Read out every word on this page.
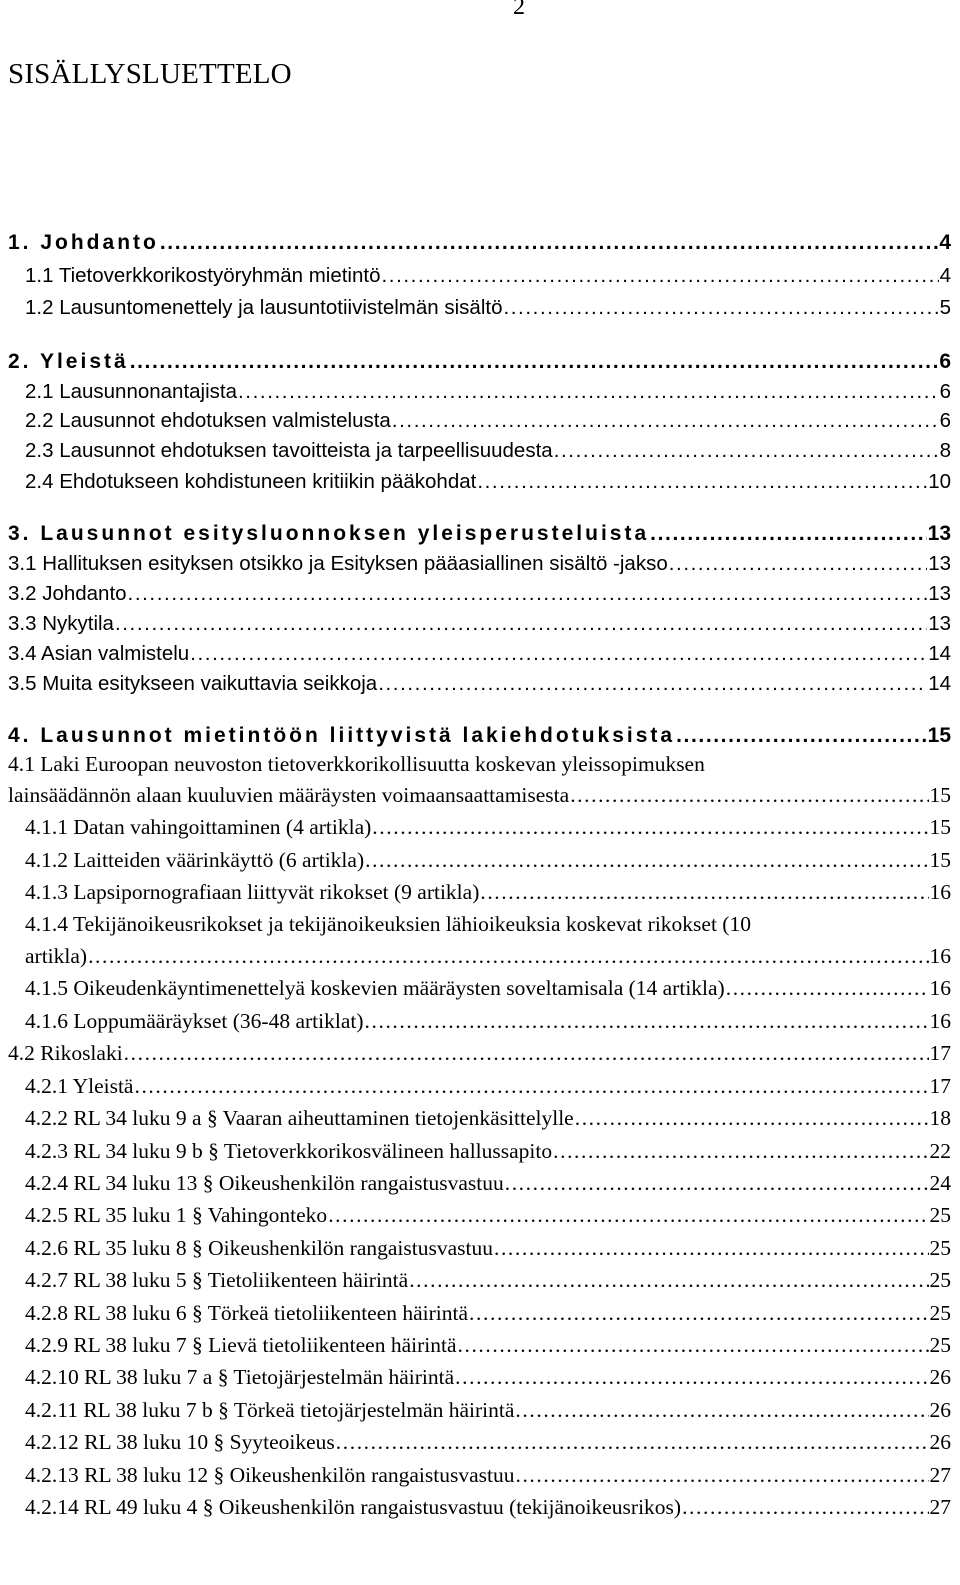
2
SISÄLLYSLUETTELO
1. Johdanto .....	4
1.1 Tietoverkkorikostyöryhmän mietintö .....	4
1.2 Lausuntomenettely ja lausuntotiivistelmän sisältö .....	5
2. Yleistä .....	6
2.1 Lausunnonantajista .....	6
2.2 Lausunnot ehdotuksen valmistelusta .....	6
2.3 Lausunnot ehdotuksen tavoitteista ja tarpeellisuudesta .....	8
2.4 Ehdotukseen kohdistuneen kritiikin pääkohdat .....	10
3. Lausunnot esitysluonnoksen yleisperusteluista .....	13
3.1 Hallituksen esityksen otsikko ja Esityksen pääasiallinen sisältö -jakso .....	13
3.2 Johdanto .....	13
3.3 Nykytila .....	13
3.4 Asian valmistelu .....	14
3.5 Muita esitykseen vaikuttavia seikkoja .....	14
4. Lausunnot mietintöön liittyvistä lakiehdotuksista .....	15
4.1 Laki Euroopan neuvoston tietoverkkorikollisuutta koskevan yleissopimuksen
lainsäädännön alaan kuuluvien määräysten voimaansaattamisesta .....	15
4.1.1 Datan vahingoittaminen (4 artikla) .....	15
4.1.2 Laitteiden väärinkäyttö (6 artikla) .....	15
4.1.3 Lapsipornografiaan liittyvät rikokset (9 artikla) .....	16
4.1.4 Tekijänoikeusrikokset ja tekijänoikeuksien lähioikeuksia koskevat rikokset (10
artikla) .....	16
4.1.5 Oikeudenkäyntimenettelyä koskevien määräysten soveltamisala (14 artikla) .....	16
4.1.6 Loppumääräykset (36-48 artiklat) .....	16
4.2 Rikoslaki .....	17
4.2.1 Yleistä .....	17
4.2.2 RL 34 luku 9 a § Vaaran aiheuttaminen tietojenkäsittelylle .....	18
4.2.3 RL 34 luku 9 b § Tietoverkkorikosvälineen hallussapito .....	22
4.2.4 RL 34 luku 13 § Oikeushenkilön rangaistusvastuu .....	24
4.2.5 RL 35 luku 1 § Vahingonteko .....	25
4.2.6 RL 35 luku 8 § Oikeushenkilön rangaistusvastuu .....	25
4.2.7 RL 38 luku 5 § Tietoliikenteen häirintä .....	25
4.2.8 RL 38 luku 6 § Törkeä tietoliikenteen häirintä .....	25
4.2.9 RL 38 luku 7 § Lievä tietoliikenteen häirintä .....	25
4.2.10 RL 38 luku 7 a § Tietojärjestelmän häirintä .....	26
4.2.11 RL 38 luku 7 b § Törkeä tietojärjestelmän häirintä .....	26
4.2.12 RL 38 luku 10 § Syyteoikeus .....	26
4.2.13 RL 38 luku 12 § Oikeushenkilön rangaistusvastuu .....	27
4.2.14 RL 49 luku 4 § Oikeushenkilön rangaistusvastuu (tekijänoikeusrikos) .....	27
